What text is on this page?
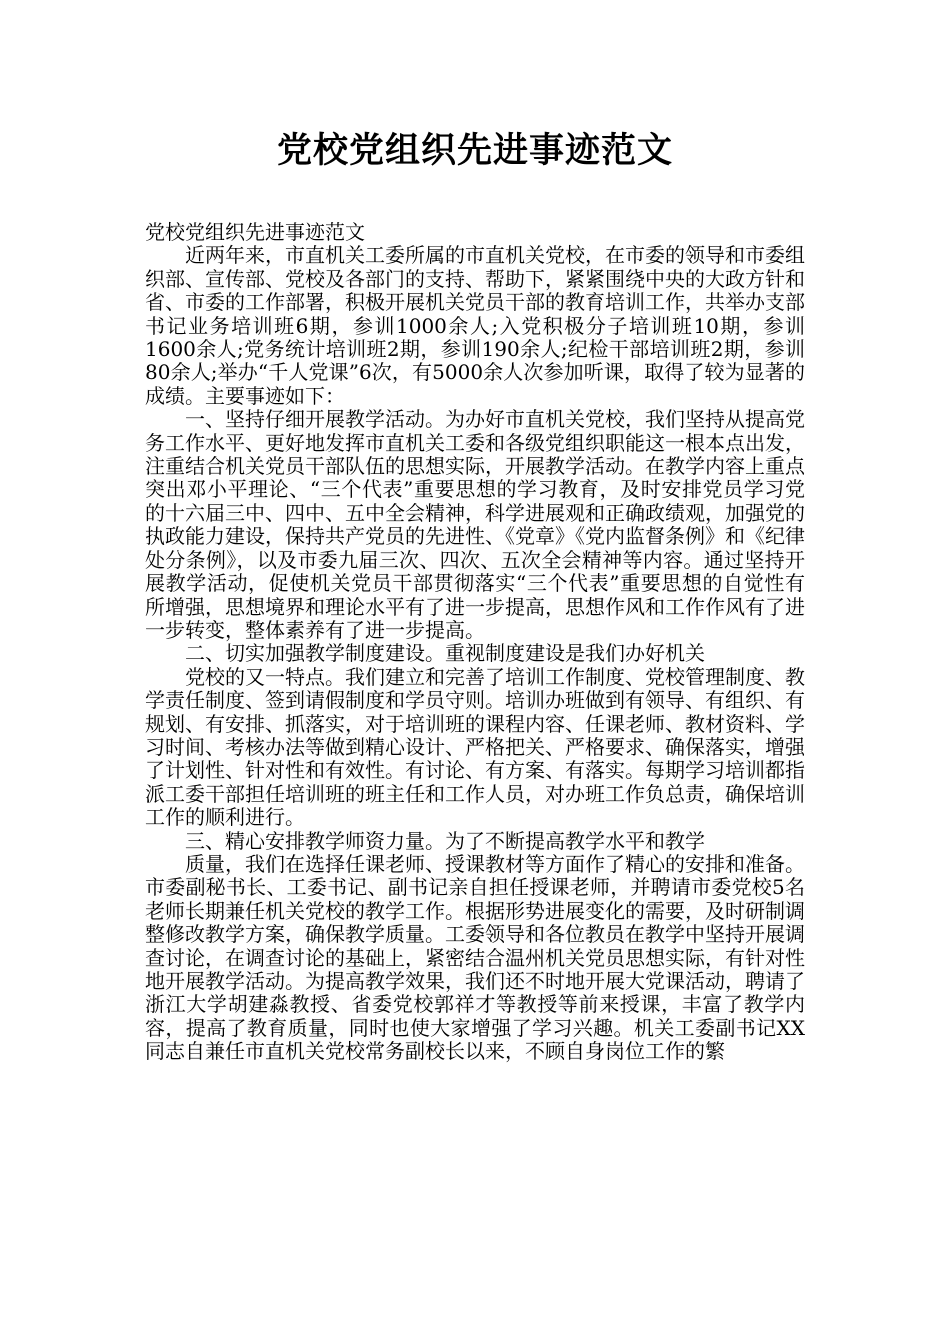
党校党组织先进事迹范文

党校党组织先进事迹范文

近两年来，市直机关工委所属的市直机关党校，在市委的领导和市委组织部、宣传部、党校及各部门的支持、帮助下，紧紧围绕中央的大政方针和省、市委的工作部署，积极开展机关党员干部的教育培训工作，共举办支部书记业务培训班6期，参训1000余人;入党积极分子培训班10期，参训1600余人;党务统计培训班2期，参训190余人;纪检干部培训班2期，参训80余人;举办“千人党课”6次，有5000余人次参加听课，取得了较为显著的成绩。主要事迹如下：

一、坚持仔细开展教学活动。为办好市直机关党校，我们坚持从提高党务工作水平、更好地发挥市直机关工委和各级党组织职能这一根本点出发，注重结合机关党员干部队伍的思想实际，开展教学活动。在教学内容上重点突出邓小平理论、“三个代表”重要思想的学习教育，及时安排党员学习党的十六届三中、四中、五中全会精神，科学进展观和正确政绩观，加强党的执政能力建设，保持共产党员的先进性、《党章》《党内监督条例》和《纪律处分条例》，以及市委九届三次、四次、五次全会精神等内容。通过坚持开展教学活动，促使机关党员干部贯彻落实“三个代表”重要思想的自觉性有所增强，思想境界和理论水平有了进一步提高，思想作风和工作作风有了进一步转变，整体素养有了进一步提高。

二、切实加强教学制度建设。重视制度建设是我们办好机关

党校的又一特点。我们建立和完善了培训工作制度、党校管理制度、教学责任制度、签到请假制度和学员守则。培训办班做到有领导、有组织、有规划、有安排、抓落实，对于培训班的课程内容、任课老师、教材资料、学习时间、考核办法等做到精心设计、严格把关、严格要求、确保落实，增强了计划性、针对性和有效性。有讨论、有方案、有落实。每期学习培训都指派工委干部担任培训班的班主任和工作人员，对办班工作负总责，确保培训工作的顺利进行。

三、精心安排教学师资力量。为了不断提高教学水平和教学

质量，我们在选择任课老师、授课教材等方面作了精心的安排和准备。市委副秘书长、工委书记、副书记亲自担任授课老师，并聘请市委党校5名老师长期兼任机关党校的教学工作。根据形势进展变化的需要，及时研制调整修改教学方案，确保教学质量。工委领导和各位教员在教学中坚持开展调查讨论，在调查讨论的基础上，紧密结合温州机关党员思想实际，有针对性地开展教学活动。为提高教学效果，我们还不时地开展大党课活动，聘请了浙江大学胡建淼教授、省委党校郭祥才等教授等前来授课，丰富了教学内容，提高了教育质量，同时也使大家增强了学习兴趣。机关工委副书记XX同志自兼任市直机关党校常务副校长以来，不顾自身岗位工作的繁
